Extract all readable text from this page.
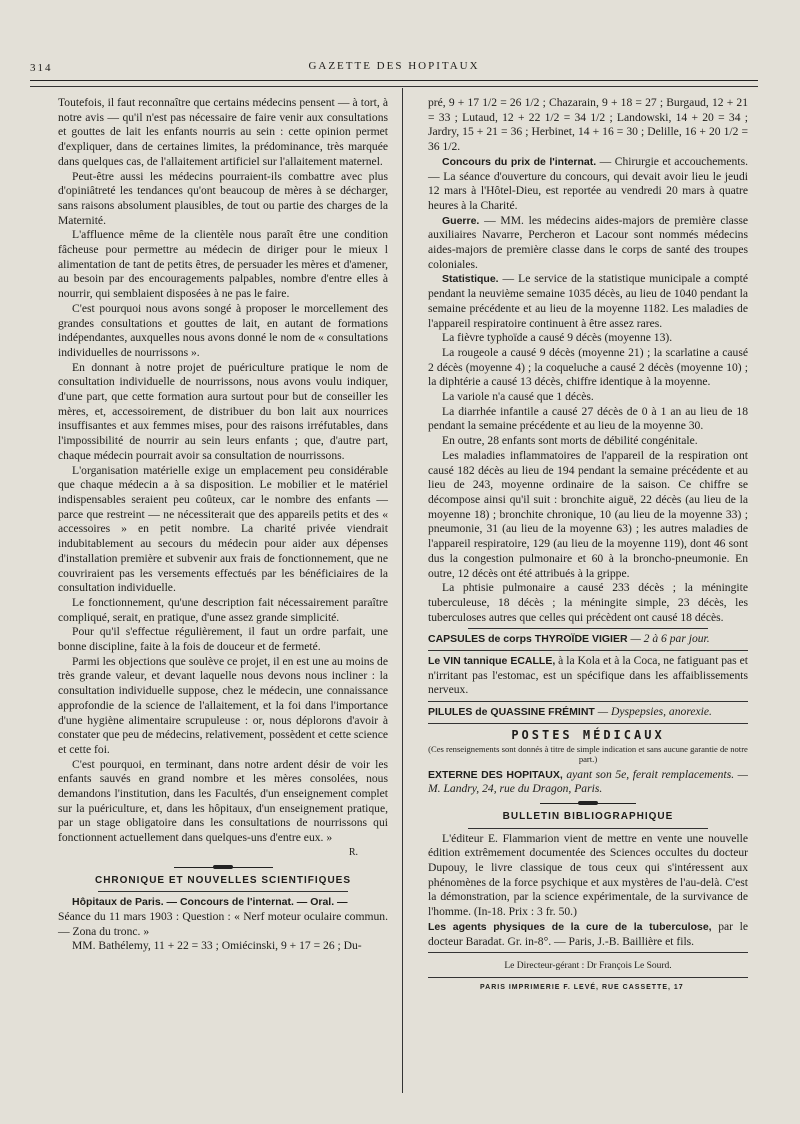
314	GAZETTE DES HOPITAUX

Toutefois, il faut reconnaître que certains médecins pensent — à tort, à notre avis — qu'il n'est pas nécessaire de faire venir aux consultations et gouttes de lait les enfants nourris au sein : cette opinion permet d'expliquer, dans de certaines limites, la prédominance, très marquée dans quelques cas, de l'allaitement artificiel sur l'allaitement maternel.

Peut-être aussi les médecins pourraient-ils combattre avec plus d'opiniâtreté les tendances qu'ont beaucoup de mères à se décharger, sans raisons absolument plausibles, de tout ou partie des charges de la Maternité.

L'affluence même de la clientèle nous paraît être une condition fâcheuse pour permettre au médecin de diriger pour le mieux l alimentation de tant de petits êtres, de persuader les mères et d'amener, au besoin par des encouragements palpables, nombre d'entre elles à nourrir, qui semblaient disposées à ne pas le faire.

C'est pourquoi nous avons songé à proposer le morcellement des grandes consultations et gouttes de lait, en autant de formations indépendantes, auxquelles nous avons donné le nom de « consultations individuelles de nourrissons ».

En donnant à notre projet de puériculture pratique le nom de consultation individuelle de nourrissons, nous avons voulu indiquer, d'une part, que cette formation aura surtout pour but de conseiller les mères, et, accessoirement, de distribuer du bon lait aux nourrices insuffisantes et aux femmes mises, pour des raisons irréfutables, dans l'impossibilité de nourrir au sein leurs enfants ; que, d'autre part, chaque médecin pourrait avoir sa consultation de nourrissons.

L'organisation matérielle exige un emplacement peu considérable que chaque médecin a à sa disposition. Le mobilier et le matériel indispensables seraient peu coûteux, car le nombre des enfants — parce que restreint — ne nécessiterait que des appareils petits et des « accessoires » en petit nombre. La charité privée viendrait indubitablement au secours du médecin pour aider aux dépenses d'installation première et subvenir aux frais de fonctionnement, que ne couvriraient pas les versements effectués par les bénéficiaires de la consultation individuelle.

Le fonctionnement, qu'une description fait nécessairement paraître compliqué, serait, en pratique, d'une assez grande simplicité.

Pour qu'il s'effectue régulièrement, il faut un ordre parfait, une bonne discipline, faite à la fois de douceur et de fermeté.

Parmi les objections que soulève ce projet, il en est une au moins de très grande valeur, et devant laquelle nous devons nous incliner : la consultation individuelle suppose, chez le médecin, une connaissance approfondie de la science de l'allaitement, et la foi dans l'importance d'une hygiène alimentaire scrupuleuse : or, nous déplorons d'avoir à constater que peu de médecins, relativement, possèdent et cette science et cette foi.

C'est pourquoi, en terminant, dans notre ardent désir de voir les enfants sauvés en grand nombre et les mères consolées, nous demandons l'institution, dans les Facultés, d'un enseignement complet sur la puériculture, et, dans les hôpitaux, d'un enseignement pratique, par un stage obligatoire dans les consultations de nourrissons qui fonctionnent actuellement dans quelques-uns d'entre eux. »

R.

CHRONIQUE ET NOUVELLES SCIENTIFIQUES

Hôpitaux de Paris. — Concours de l'internat. — Oral. —

Séance du 11 mars 1903 : Question : « Nerf moteur oculaire commun. — Zona du tronc. »

MM. Bathélemy, 11 + 22 = 33 ; Omiécinski, 9 + 17 = 26 ; Du-

pré, 9 + 17 1/2 = 26 1/2 ; Chazarain, 9 + 18 = 27 ; Burgaud, 12 + 21 = 33 ; Lutaud, 12 + 22 1/2 = 34 1/2 ; Landowski, 14 + 20 = 34 ; Jardry, 15 + 21 = 36 ; Herbinet, 14 + 16 = 30 ; Delille, 16 + 20 1/2 = 36 1/2.

Concours du prix de l'internat. — Chirurgie et accouchements. — La séance d'ouverture du concours, qui devait avoir lieu le jeudi 12 mars à l'Hôtel-Dieu, est reportée au vendredi 20 mars à quatre heures à la Charité.

Guerre. — MM. les médecins aides-majors de première classe auxiliaires Navarre, Percheron et Lacour sont nommés médecins aides-majors de première classe dans le corps de santé des troupes coloniales.

Statistique. — Le service de la statistique municipale a compté pendant la neuvième semaine 1035 décès, au lieu de 1040 pendant la semaine précédente et au lieu de la moyenne 1182. Les maladies de l'appareil respiratoire continuent à être assez rares.

La fièvre typhoïde a causé 9 décès (moyenne 13).

La rougeole a causé 9 décès (moyenne 21) ; la scarlatine a causé 2 décès (moyenne 4) ; la coqueluche a causé 2 décès (moyenne 10) ; la diphtérie a causé 13 décès, chiffre identique à la moyenne.

La variole n'a causé que 1 décès.

La diarrhée infantile a causé 27 décès de 0 à 1 an au lieu de 18 pendant la semaine précédente et au lieu de la moyenne 30.

En outre, 28 enfants sont morts de débilité congénitale.

Les maladies inflammatoires de l'appareil de la respiration ont causé 182 décès au lieu de 194 pendant la semaine précédente et au lieu de 243, moyenne ordinaire de la saison. Ce chiffre se décompose ainsi qu'il suit : bronchite aiguë, 22 décès (au lieu de la moyenne 18) ; bronchite chronique, 10 (au lieu de la moyenne 33) ; pneumonie, 31 (au lieu de la moyenne 63) ; les autres maladies de l'appareil respiratoire, 129 (au lieu de la moyenne 119), dont 46 sont dus la congestion pulmonaire et 60 à la broncho-pneumonie. En outre, 12 décès ont été attribués à la grippe.

La phtisie pulmonaire a causé 233 décès ; la méningite tuberculeuse, 18 décès ; la méningite simple, 23 décès, les tuberculoses autres que celles qui précèdent ont causé 18 décès.

CAPSULES de corps THYROÏDE VIGIER — 2 à 6 par jour.

Le VIN tannique ECALLE, à la Kola et à la Coca, ne fatiguant pas et n'irritant pas l'estomac, est un spécifique dans les affaiblissements nerveux.

PILULES de QUASSINE FRÉMINT — Dyspepsies, anorexie.

POSTES MÉDICAUX

(Ces renseignements sont donnés à titre de simple indication et sans aucune garantie de notre part.)

EXTERNE DES HOPITAUX, ayant son 5e, ferait remplacements. — M. Landry, 24, rue du Dragon, Paris.

BULLETIN BIBLIOGRAPHIQUE

L'éditeur E. Flammarion vient de mettre en vente une nouvelle édition extrêmement documentée des Sciences occultes du docteur Dupouy, le livre classique de tous ceux qui s'intéressent aux phénomènes de la force psychique et aux mystères de l'au-delà. C'est la démonstration, par la science expérimentale, de la survivance de l'homme. (In-18. Prix : 3 fr. 50.)

Les agents physiques de la cure de la tuberculose, par le docteur Baradat. Gr. in-8°. — Paris, J.-B. Baillière et fils.

Le Directeur-gérant : Dr François Le Sourd.

PARIS IMPRIMERIE F. LEVÉ, RUE CASSETTE, 17
